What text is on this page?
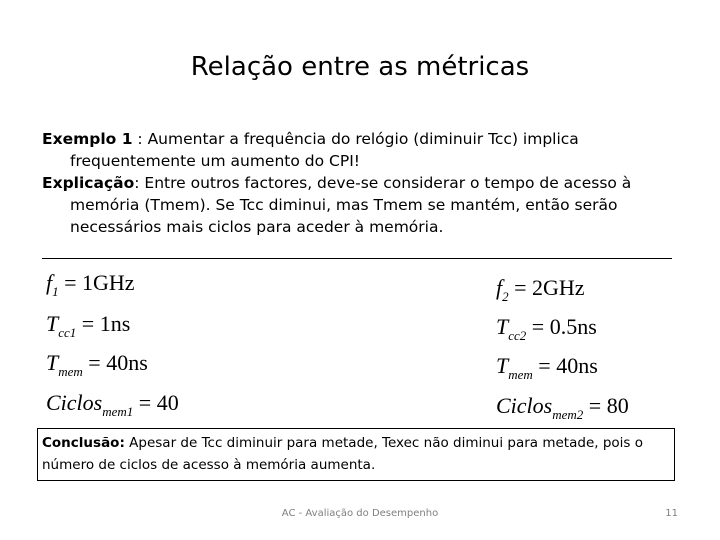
Relação entre as métricas

Exemplo 1 : Aumentar a frequência do relógio (diminuir Tcc) implica frequentemente um aumento do CPI!

Explicação: Entre outros factores, deve-se considerar o tempo de acesso à memória (Tmem). Se Tcc diminui, mas Tmem se mantém, então serão necessários mais ciclos para aceder à memória.

$f_1 = 1GHz$
$T_{cc1} = 1ns$
$T_{mem} = 40ns$
Ciclos$_{mem1}$ = 40
$f_2 = 2GHz$
$T_{cc2} = 0.5ns$
$T_{mem} = 40ns$
Ciclos$_{mem2}$ = 80
Conclusão: Apesar de Tcc diminuir para metade, Texec não diminui para metade, pois o número de ciclos de acesso à memória aumenta.
AC - Avaliação do Desempenho	11
